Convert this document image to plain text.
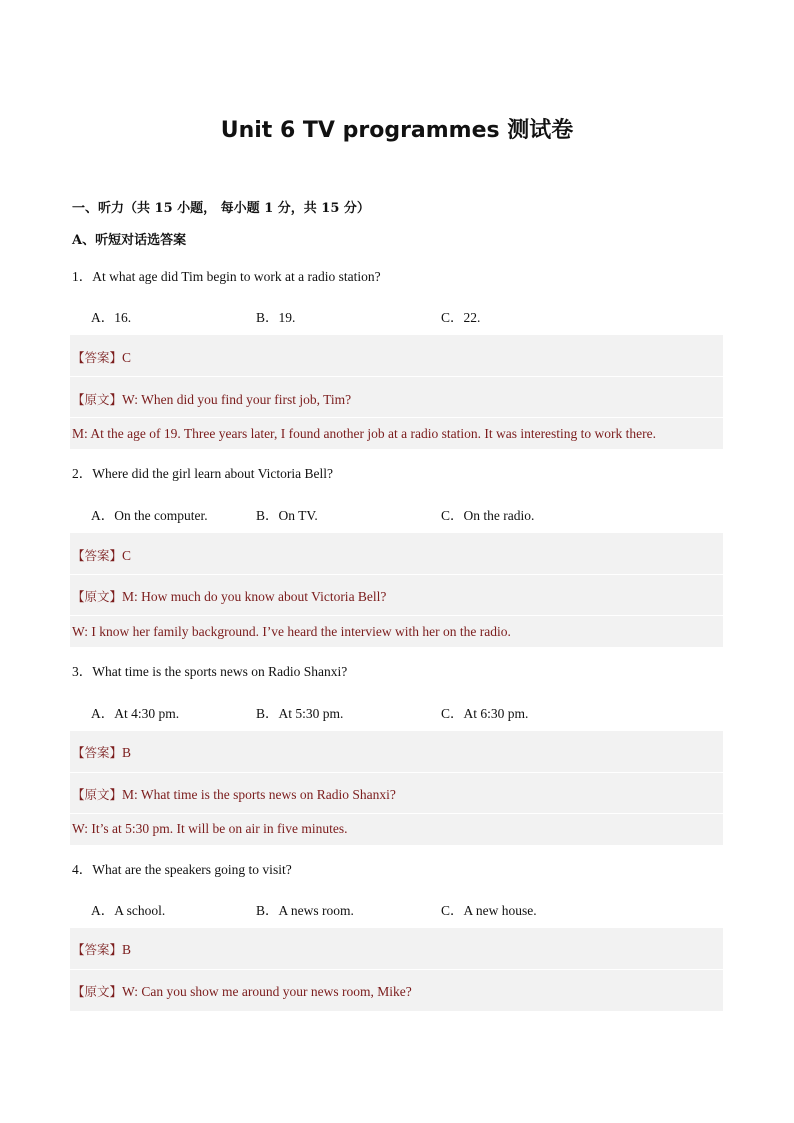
Unit 6 TV programmes 测试卷
一、听力（共 15 小题， 每小题 1 分，共 15 分）
A、听短对话选答案
1．At what age did Tim begin to work at a radio station?
A．16.	B．19.	C．22.
【答案】C
【原文】W: When did you find your first job, Tim?
M: At the age of 19. Three years later, I found another job at a radio station. It was interesting to work there.
2．Where did the girl learn about Victoria Bell?
A．On the computer.	B．On TV.	C．On the radio.
【答案】C
【原文】M: How much do you know about Victoria Bell?
W: I know her family background. I’ve heard the interview with her on the radio.
3．What time is the sports news on Radio Shanxi?
A．At 4:30 pm.	B．At 5:30 pm.	C．At 6:30 pm.
【答案】B
【原文】M: What time is the sports news on Radio Shanxi?
W: It’s at 5:30 pm. It will be on air in five minutes.
4．What are the speakers going to visit?
A．A school.	B．A news room.	C．A new house.
【答案】B
【原文】W: Can you show me around your news room, Mike?
